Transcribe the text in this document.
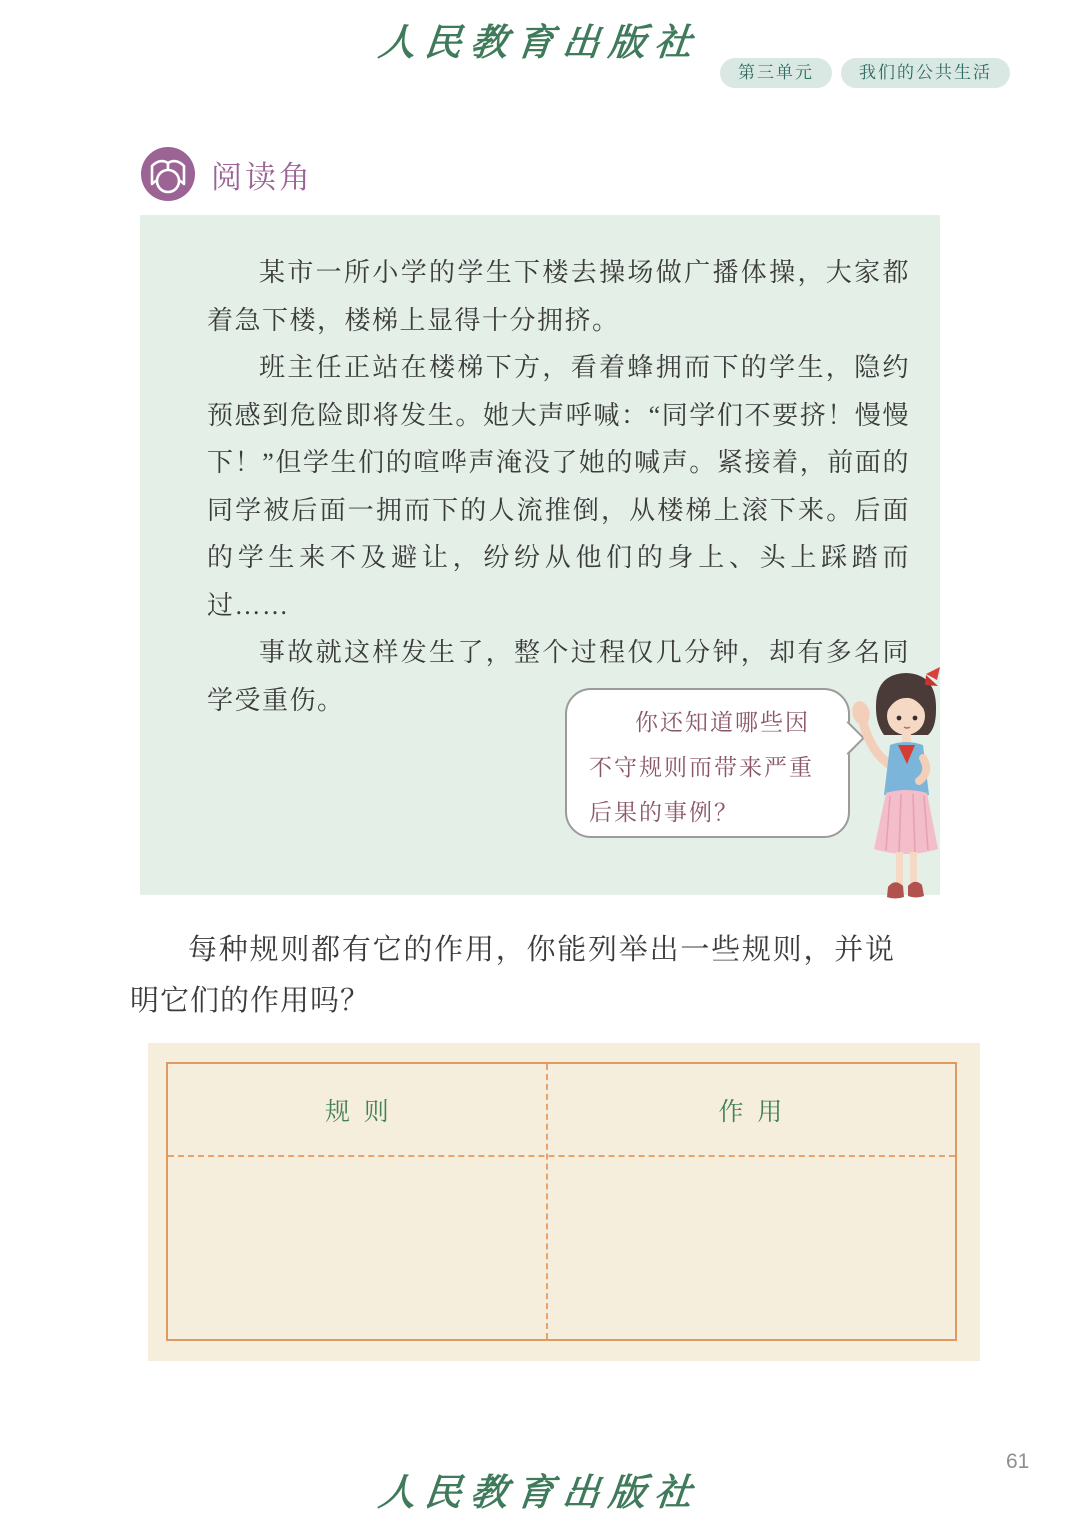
人民教育出版社
第三单元	我们的公共生活
阅读角

某市一所小学的学生下楼去操场做广播体操，大家都着急下楼，楼梯上显得十分拥挤。

班主任正站在楼梯下方，看着蜂拥而下的学生，隐约预感到危险即将发生。她大声呼喊：“同学们不要挤！慢慢下！”但学生们的喧哗声淹没了她的喊声。紧接着，前面的同学被后面一拥而下的人流推倒，从楼梯上滚下来。后面的学生来不及避让，纷纷从他们的身上、头上踩踏而过……

事故就这样发生了，整个过程仅几分钟，却有多名同学受重伤。

你还知道哪些因不守规则而带来严重后果的事例？
每种规则都有它的作用，你能列举出一些规则，并说明它们的作用吗？
规则	作用
61
人民教育出版社
